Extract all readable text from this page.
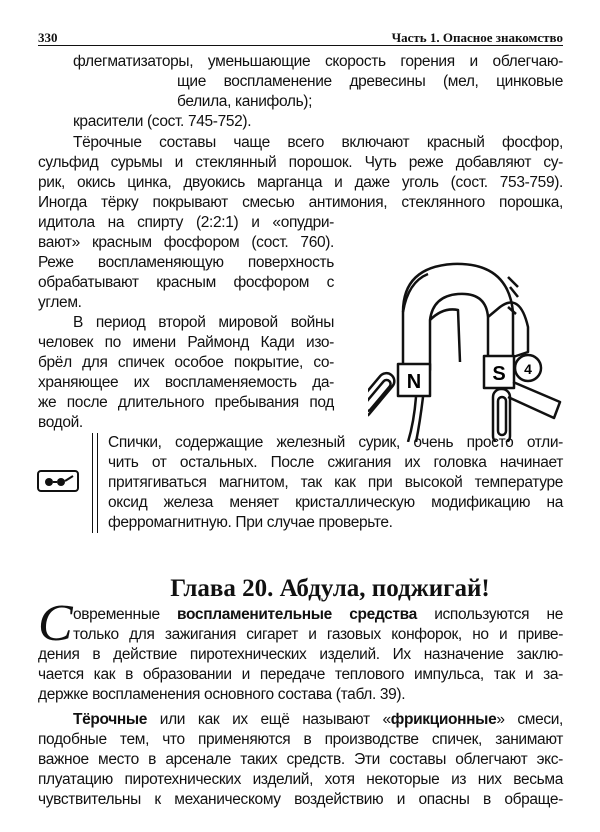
330	Часть 1. Опасное знакомство
флегматизаторы, уменьшающие скорость горения и облегчаю-
щие воспламенение древесины (мел, цинковые
белила, канифоль);
красители (сост. 745-752).
Тёрочные составы чаще всего включают красный фосфор,
сульфид сурьмы и стеклянный порошок. Чуть реже добавляют су-
рик, окись цинка, двуокись марганца и даже уголь (сост. 753-759).
Иногда тёрку покрывают смесью антимония, стеклянного порошка,
идитола на спирту (2:2:1) и «опудри-
вают» красным фосфором (сост. 760).
Реже воспламеняющую поверхность
обрабатывают красным фосфором с
углем.
В период второй мировой войны
человек по имени Раймонд Кади изо-
брёл для спичек особое покрытие, со-
храняющее их воспламеняемость да-
же после длительного пребывания под
водой.
N	S 4
Спички, содержащие железный сурик, очень просто отли-
чить от остальных. После сжигания их головка начинает
притягиваться магнитом, так как при высокой температуре
оксид железа меняет кристаллическую модификацию на
ферромагнитную. При случае проверьте.
Глава 20. Абдула, поджигай!
С овременные воспламенительные средства используются не
только для зажигания сигарет и газовых конфорок, но и приве-
дения в действие пиротехнических изделий. Их назначение заклю-
чается как в образовании и передаче теплового импульса, так и за-
держке воспламенения основного состава (табл. 39).
Тёрочные или как их ещё называют «фрикционные» смеси,
подобные тем, что применяются в производстве спичек, занимают
важное место в арсенале таких средств. Эти составы облегчают экс-
плуатацию пиротехнических изделий, хотя некоторые из них весьма
чувствительны к механическому воздействию и опасны в обраще-
